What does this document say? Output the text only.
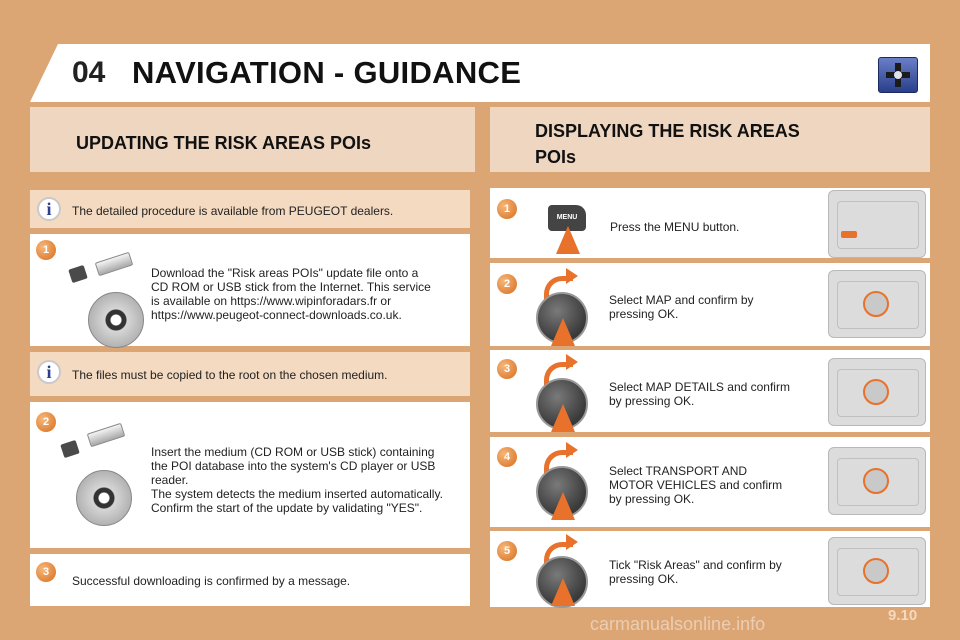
04 NAVIGATION - GUIDANCE
UPDATING THE RISK AREAS POIs
DISPLAYING THE RISK AREAS
POIs
i	The detailed procedure is available from PEUGEOT dealers.
1
Download the "Risk areas POIs" update file onto a
CD ROM or USB stick from the Internet. This service
is available on https://www.wipinforadars.fr or
https://www.peugeot-connect-downloads.co.uk.
i	The files must be copied to the root on the chosen medium.
2
Insert the medium (CD ROM or USB stick) containing
the POI database into the system's CD player or USB
reader.
The system detects the medium inserted automatically.
Confirm the start of the update by validating "YES".
3
Successful downloading is confirmed by a message.
1
MENU
Press the MENU button.
2
Select MAP and confirm by
pressing OK.
3
Select MAP DETAILS and confirm
by pressing OK.
4
Select TRANSPORT AND
MOTOR VEHICLES and confirm
by pressing OK.
5
Tick "Risk Areas" and confirm by
pressing OK.
carmanualsonline.info	9.10
